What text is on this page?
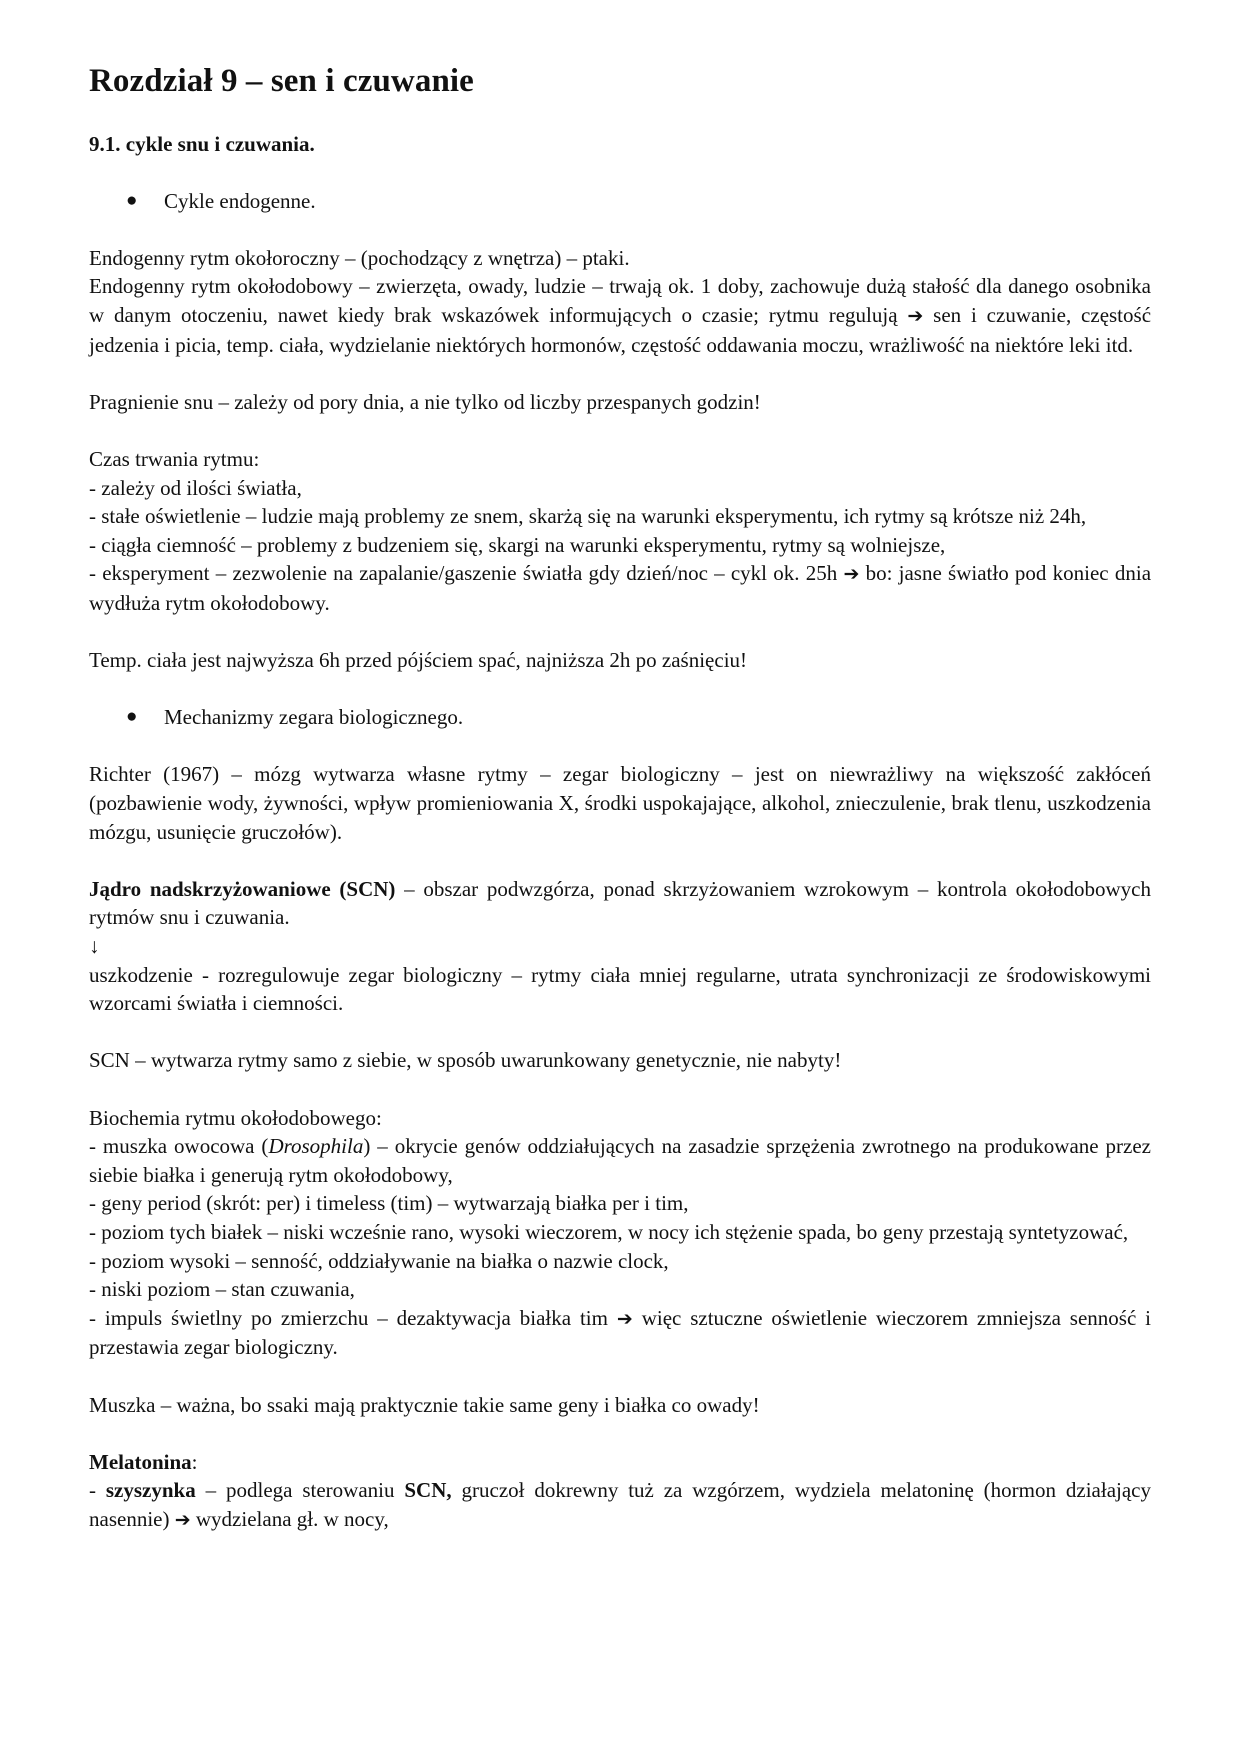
Rozdział 9 – sen i czuwanie
9.1. cykle snu i czuwania.
● Cykle endogenne.

Endogenny rytm okołoroczny – (pochodzący z wnętrza) – ptaki.
Endogenny rytm okołodobowy – zwierzęta, owady, ludzie – trwają ok. 1 doby, zachowuje dużą stałość dla danego osobnika w danym otoczeniu, nawet kiedy brak wskazówek informujących o czasie; rytmu regulują ➔ sen i czuwanie, częstość jedzenia i picia, temp. ciała, wydzielanie niektórych hormonów, częstość oddawania moczu, wrażliwość na niektóre leki itd.

Pragnienie snu – zależy od pory dnia, a nie tylko od liczby przespanych godzin!

Czas trwania rytmu:
- zależy od ilości światła,
- stałe oświetlenie – ludzie mają problemy ze snem, skarżą się na warunki eksperymentu, ich rytmy są krótsze niż 24h,
- ciągła ciemność – problemy z budzeniem się, skargi na warunki eksperymentu, rytmy są wolniejsze,
- eksperyment – zezwolenie na zapalanie/gaszenie światła gdy dzień/noc – cykl ok. 25h ➔ bo: jasne światło pod koniec dnia wydłuża rytm okołodobowy.

Temp. ciała jest najwyższa 6h przed pójściem spać, najniższa 2h po zaśnięciu!

● Mechanizmy zegara biologicznego.

Richter (1967) – mózg wytwarza własne rytmy – zegar biologiczny – jest on niewrażliwy na większość zakłóceń (pozbawienie wody, żywności, wpływ promieniowania X, środki uspokajające, alkohol, znieczulenie, brak tlenu, uszkodzenia mózgu, usunięcie gruczołów).

Jądro nadskrzyżowaniowe (SCN) – obszar podwzgórza, ponad skrzyżowaniem wzrokowym – kontrola okołodobowych rytmów snu i czuwania.

↓

uszkodzenie - rozregulowuje zegar biologiczny – rytmy ciała mniej regularne, utrata synchronizacji ze środowiskowymi wzorcami światła i ciemności.

SCN – wytwarza rytmy samo z siebie, w sposób uwarunkowany genetycznie, nie nabyty!

Biochemia rytmu okołodobowego:
- muszka owocowa (Drosophila) – okrycie genów oddziałujących na zasadzie sprzężenia zwrotnego na produkowane przez siebie białka i generują rytm okołodobowy,
- geny period (skrót: per) i timeless (tim) – wytwarzają białka per i tim,
- poziom tych białek – niski wcześnie rano, wysoki wieczorem, w nocy ich stężenie spada, bo geny przestają syntetyzować,
- poziom wysoki – senność, oddziaływanie na białka o nazwie clock,
- niski poziom – stan czuwania,
- impuls świetlny po zmierzchu – dezaktywacja białka tim ➔ więc sztuczne oświetlenie wieczorem zmniejsza senność i przestawia zegar biologiczny.

Muszka – ważna, bo ssaki mają praktycznie takie same geny i białka co owady!

Melatonina:
- szyszynka – podlega sterowaniu SCN, gruczoł dokrewny tuż za wzgórzem, wydziela melatoninę (hormon działający nasennie) ➔ wydzielana gł. w nocy,
